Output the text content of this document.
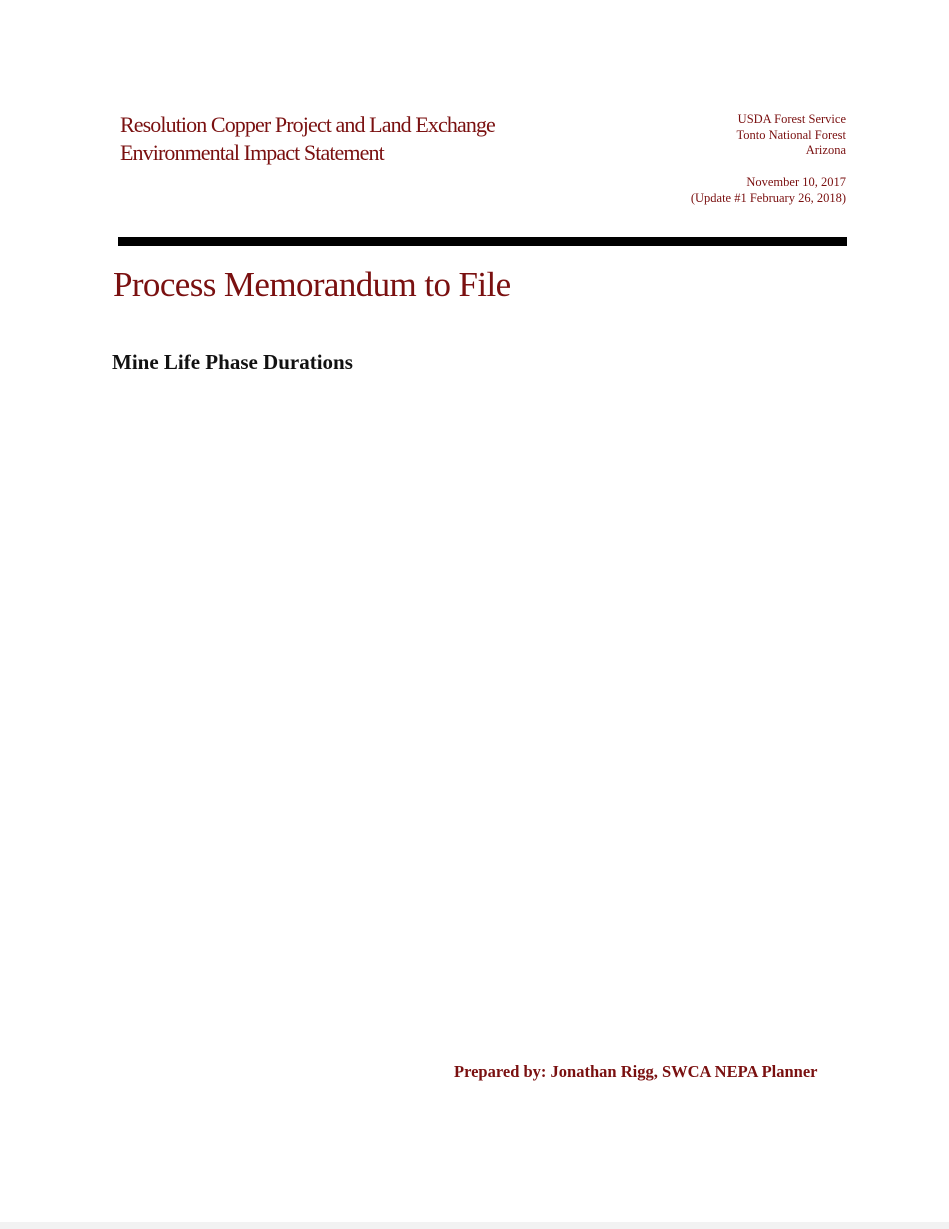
Resolution Copper Project and Land Exchange
Environmental Impact Statement
USDA Forest Service
Tonto National Forest
Arizona
November 10, 2017
(Update #1 February 26, 2018)
Process Memorandum to File
Mine Life Phase Durations
Prepared by: Jonathan Rigg, SWCA NEPA Planner
